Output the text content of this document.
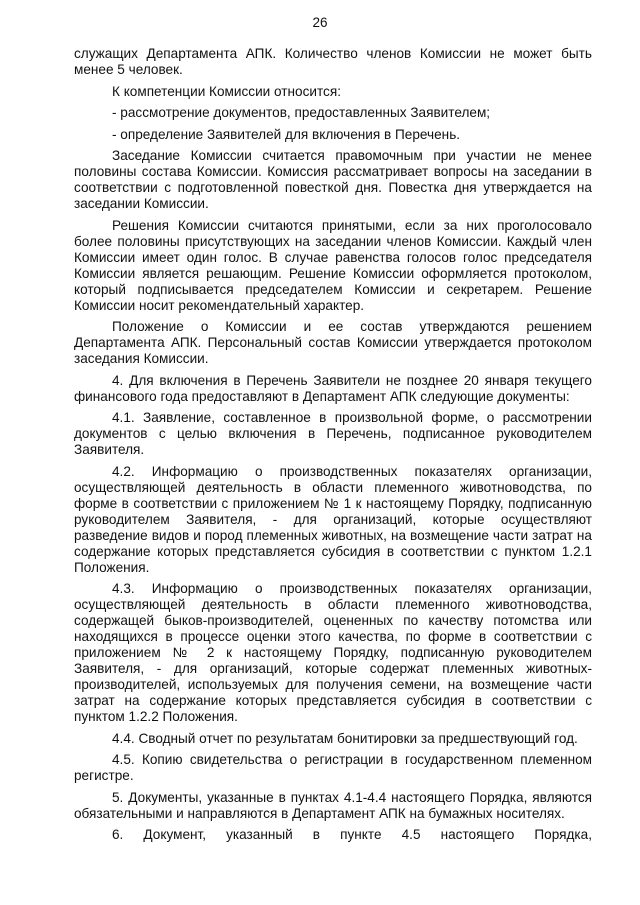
26

служащих Департамента АПК. Количество членов Комиссии не может быть менее 5 человек.

К компетенции Комиссии относится:

- рассмотрение документов, предоставленных Заявителем;

- определение Заявителей для включения в Перечень.

Заседание Комиссии считается правомочным при участии не менее половины состава Комиссии. Комиссия рассматривает вопросы на заседании в соответствии с подготовленной повесткой дня. Повестка дня утверждается на заседании Комиссии.

Решения Комиссии считаются принятыми, если за них проголосовало более половины присутствующих на заседании членов Комиссии. Каждый член Комиссии имеет один голос. В случае равенства голосов голос председателя Комиссии является решающим. Решение Комиссии оформляется протоколом, который подписывается председателем Комиссии и секретарем. Решение Комиссии носит рекомендательный характер.

Положение о Комиссии и ее состав утверждаются решением Департамента АПК. Персональный состав Комиссии утверждается протоколом заседания Комиссии.

4. Для включения в Перечень Заявители не позднее 20 января текущего финансового года предоставляют в Департамент АПК следующие документы:

4.1. Заявление, составленное в произвольной форме, о рассмотрении документов с целью включения в Перечень, подписанное руководителем Заявителя.

4.2. Информацию о производственных показателях организации, осуществляющей деятельность в области племенного животноводства, по форме в соответствии с приложением № 1 к настоящему Порядку, подписанную руководителем Заявителя, - для организаций, которые осуществляют разведение видов и пород племенных животных, на возмещение части затрат на содержание которых представляется субсидия в соответствии с пунктом 1.2.1 Положения.

4.3. Информацию о производственных показателях организации, осуществляющей деятельность в области племенного животноводства, содержащей быков-производителей, оцененных по качеству потомства или находящихся в процессе оценки этого качества, по форме в соответствии с приложением № 2 к настоящему Порядку, подписанную руководителем Заявителя, - для организаций, которые содержат племенных животных-производителей, используемых для получения семени, на возмещение части затрат на содержание которых представляется субсидия в соответствии с пунктом 1.2.2 Положения.

4.4. Сводный отчет по результатам бонитировки за предшествующий год.

4.5. Копию свидетельства о регистрации в государственном племенном регистре.

5. Документы, указанные в пунктах 4.1-4.4 настоящего Порядка, являются обязательными и направляются в Департамент АПК на бумажных носителях.

6. Документ, указанный в пункте 4.5 настоящего Порядка,
